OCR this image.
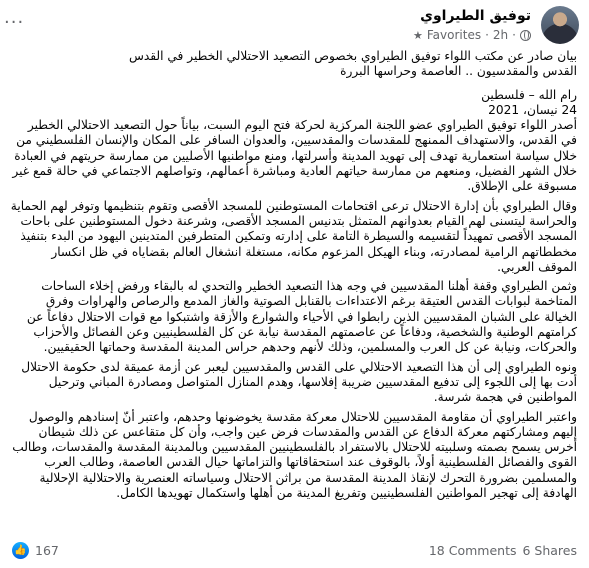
توفيق الطيراوي
★ Favorites · 2h ·
···

بيان صادر عن مكتب اللواء توفيق الطيراوي بخصوص التصعيد الاحتلالي الخطير في القدس

القدس والمقدسيون .. العاصمة وحراسها البررة

رام الله – فلسطين

24 نيسان، 2021

أصدر اللواء توفيق الطيراوي عضو اللجنة المركزية لحركة فتح اليوم السبت، بياناً حول التصعيد الاحتلالي الخطير في القدس، والاستهداف الممنهج للمقدسات والمقدسيين، والعدوان السافر على المكان والإنسان الفلسطيني من خلال سياسة استعمارية تهدف إلى تهويد المدينة وأسرلتها، ومنع مواطنيها الأصليين من ممارسة حريتهم في العبادة خلال الشهر الفضيل، ومنعهم من ممارسة حياتهم العادية ومباشرة أعمالهم، وتواصلهم الاجتماعي في حالة قمع غير مسبوقة على الإطلاق.

وقال الطيراوي بأن إدارة الاحتلال ترعى اقتحامات المستوطنين للمسجد الأقصى وتقوم بتنظيمها وتوفر لهم الحماية والحراسة ليتسنى لهم القيام بعدوانهم المتمثل بتدنيس المسجد الأقصى، وشرعنة دخول المستوطنين على باحات المسجد الأقصى تمهيداً لتقسيمه والسيطرة التامة على إدارته وتمكين المتطرفين المتدينين اليهود من البدء بتنفيذ مخططاتهم الرامية لمصادرته، وبناء الهيكل المزعوم مكانه، مستغلة انشغال العالم بقضاياه في ظل انكسار الموقف العربي.

وثمن الطيراوي وقفة أهلنا المقدسيين في وجه هذا التصعيد الخطير والتحدي له بالبقاء ورفض إخلاء الساحات المتاخمة لبوابات القدس العتيقة برغم الاعتداءات بالقنابل الصوتية والغاز المدمع والرصاص والهراوات وفرق الخيالة على الشبان المقدسيين الذين رابطوا في الأحياء والشوارع والأزقة واشتبكوا مع قوات الاحتلال دفاعاً عن كرامتهم الوطنية والشخصية، ودفاعاً عن عاصمتهم المقدسة نيابة عن كل الفلسطينيين وعن الفصائل والأحزاب والحركات، ونيابة عن كل العرب والمسلمين، وذلك لأنهم وحدهم حراس المدينة المقدسة وحماتها الحقيقيين.

ونوه الطيراوي إلى أن هذا التصعيد الاحتلالي على القدس والمقدسيين ليعبر عن أزمة عميقة لدى حكومة الاحتلال أدت بها إلى اللجوء إلى تدفيع المقدسيين ضريبة إفلاسها، وهدم المنازل المتواصل ومصادرة المباني وترحيل المواطنين في هجمة شرسة.

واعتبر الطيراوي أن مقاومة المقدسيين للاحتلال معركة مقدسة يخوضونها وحدهم، واعتبر أنّ إسنادهم والوصول إليهم ومشاركتهم معركة الدفاع عن القدس والمقدسات فرض عين واجب، وأن كل متقاعس عن ذلك شيطان أخرس يسمح بصمته وسلبيته للاحتلال بالاستفراد بالفلسطينيين المقدسيين وبالمدينة المقدسة والمقدسات، وطالب القوى والفصائل الفلسطينية أولاً، بالوقوف عند استحقاقاتها والتزاماتها حيال القدس العاصمة، وطالب العرب والمسلمين بضرورة التحرك لإنقاذ المدينة المقدسة من براثن الاحتلال وسياساته العنصرية والاحتلالية الإحلالية الهادفة إلى تهجير المواطنين الفلسطينيين وتفريغ المدينة من أهلها واستكمال تهويدها الكامل.

👍 167	18 Comments 6 Shares
